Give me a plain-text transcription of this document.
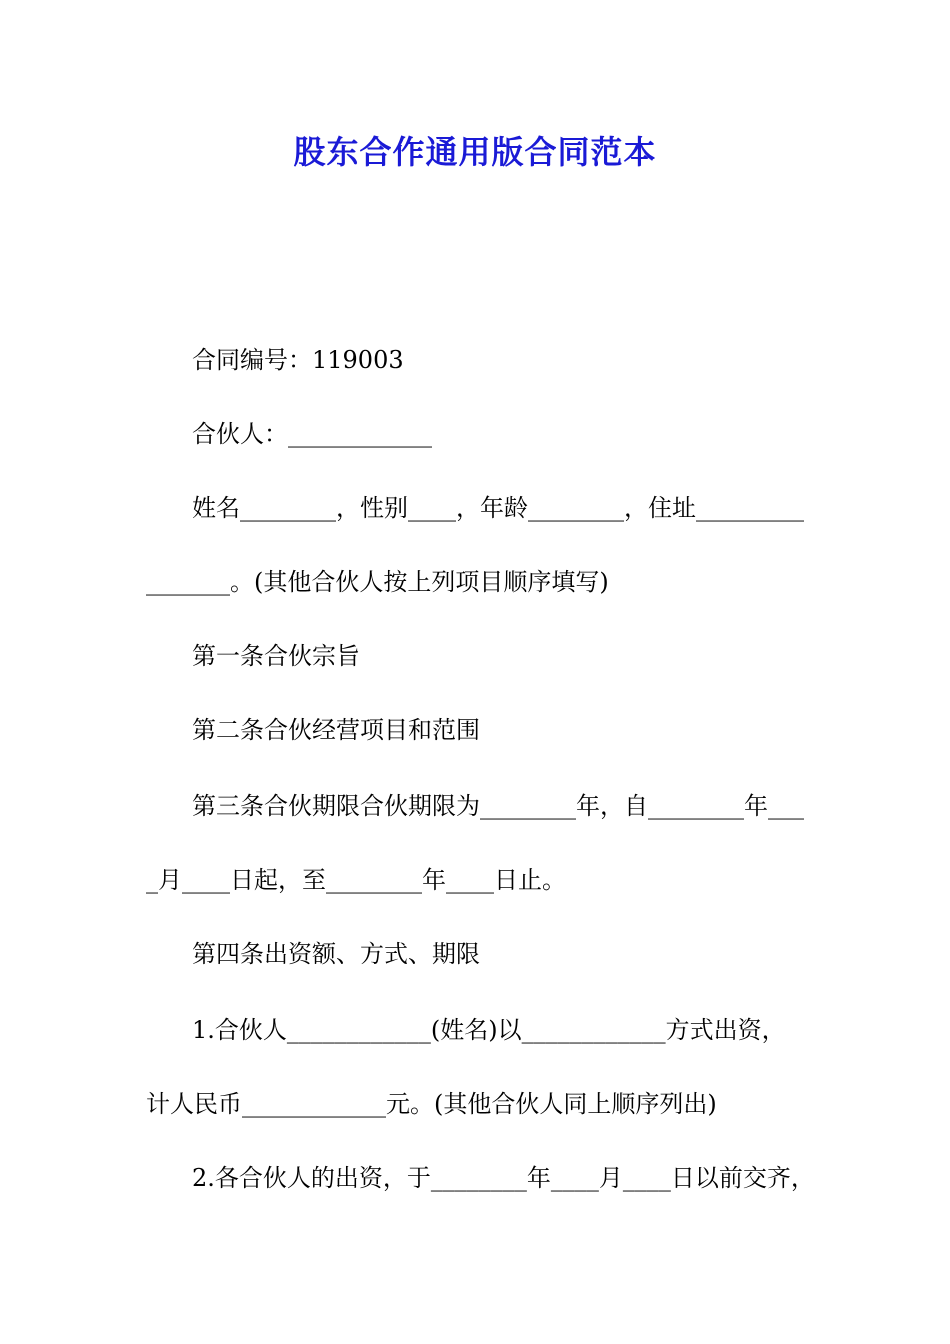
股东合作通用版合同范本
合同编号：119003
合伙人：____________
姓名________，性别____，年龄________，住址_________
_______。(其他合伙人按上列项目顺序填写)
第一条合伙宗旨
第二条合伙经营项目和范围
第三条合伙期限合伙期限为________年，自________年___
_月____日起，至________年____日止。
第四条出资额、方式、期限
1.合伙人____________(姓名)以____________方式出资，
计人民币____________元。(其他合伙人同上顺序列出)
2.各合伙人的出资，于________年____月____日以前交齐，
